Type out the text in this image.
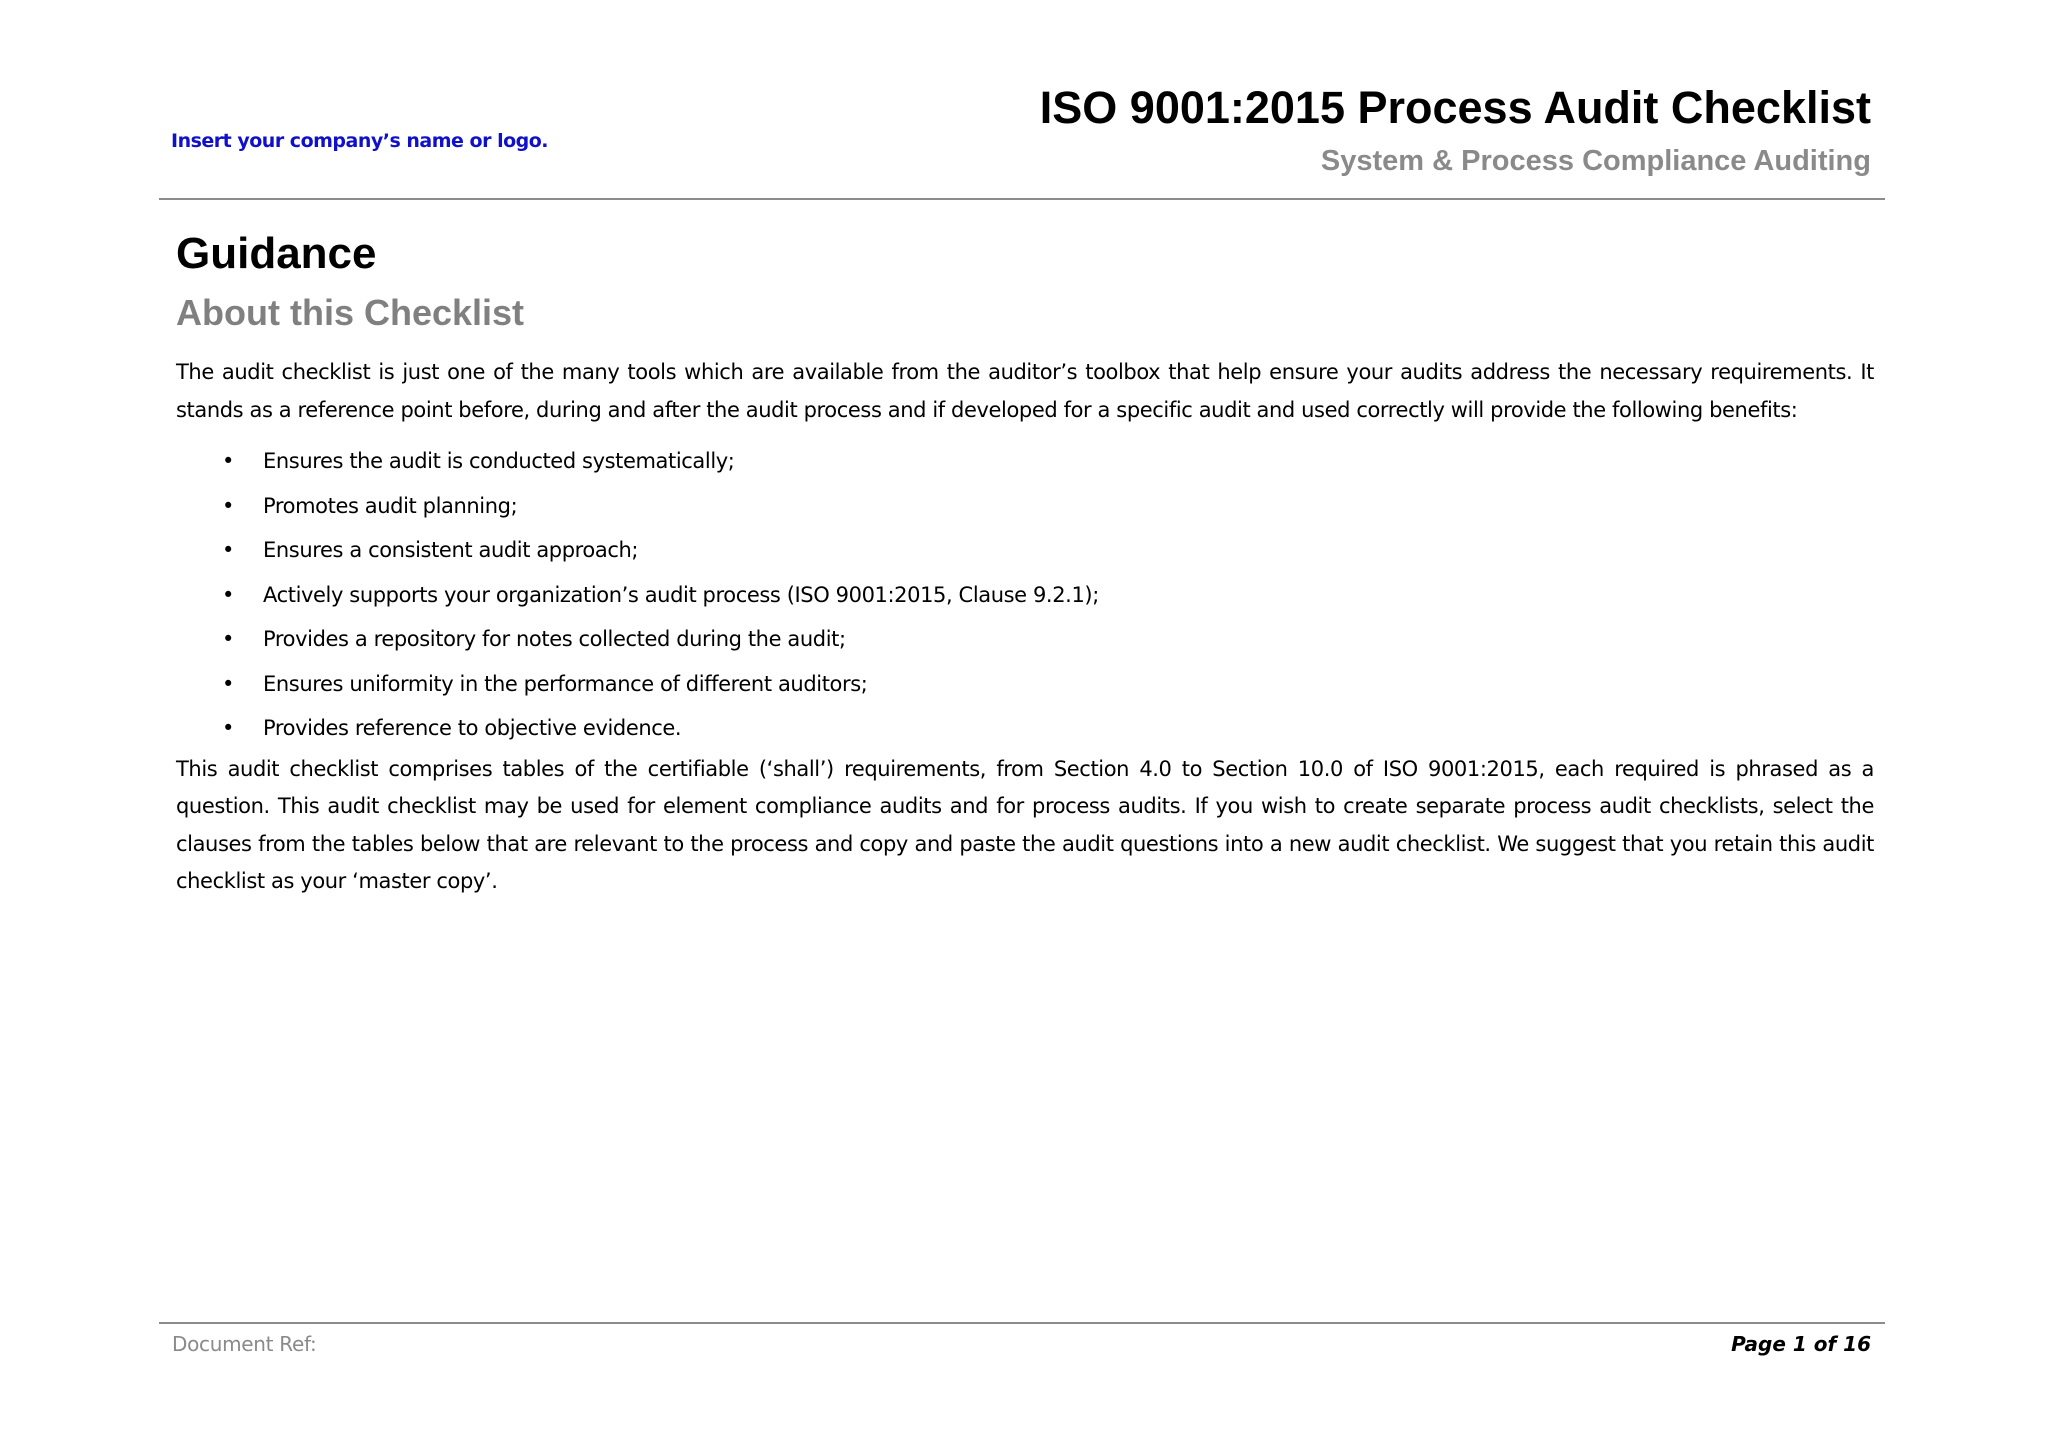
Insert your company’s name or logo.
ISO 9001:2015 Process Audit Checklist
System & Process Compliance Auditing
Guidance
About this Checklist

The audit checklist is just one of the many tools which are available from the auditor’s toolbox that help ensure your audits address the necessary requirements. It stands as a reference point before, during and after the audit process and if developed for a specific audit and used correctly will provide the following benefits:

• Ensures the audit is conducted systematically;
• Promotes audit planning;
• Ensures a consistent audit approach;
• Actively supports your organization’s audit process (ISO 9001:2015, Clause 9.2.1);
• Provides a repository for notes collected during the audit;
• Ensures uniformity in the performance of different auditors;
• Provides reference to objective evidence.

This audit checklist comprises tables of the certifiable (‘shall’) requirements, from Section 4.0 to Section 10.0 of ISO 9001:2015, each required is phrased as a question. This audit checklist may be used for element compliance audits and for process audits. If you wish to create separate process audit checklists, select the clauses from the tables below that are relevant to the process and copy and paste the audit questions into a new audit checklist. We suggest that you retain this audit checklist as your ‘master copy’.

Document Ref:	Page 1 of 16
